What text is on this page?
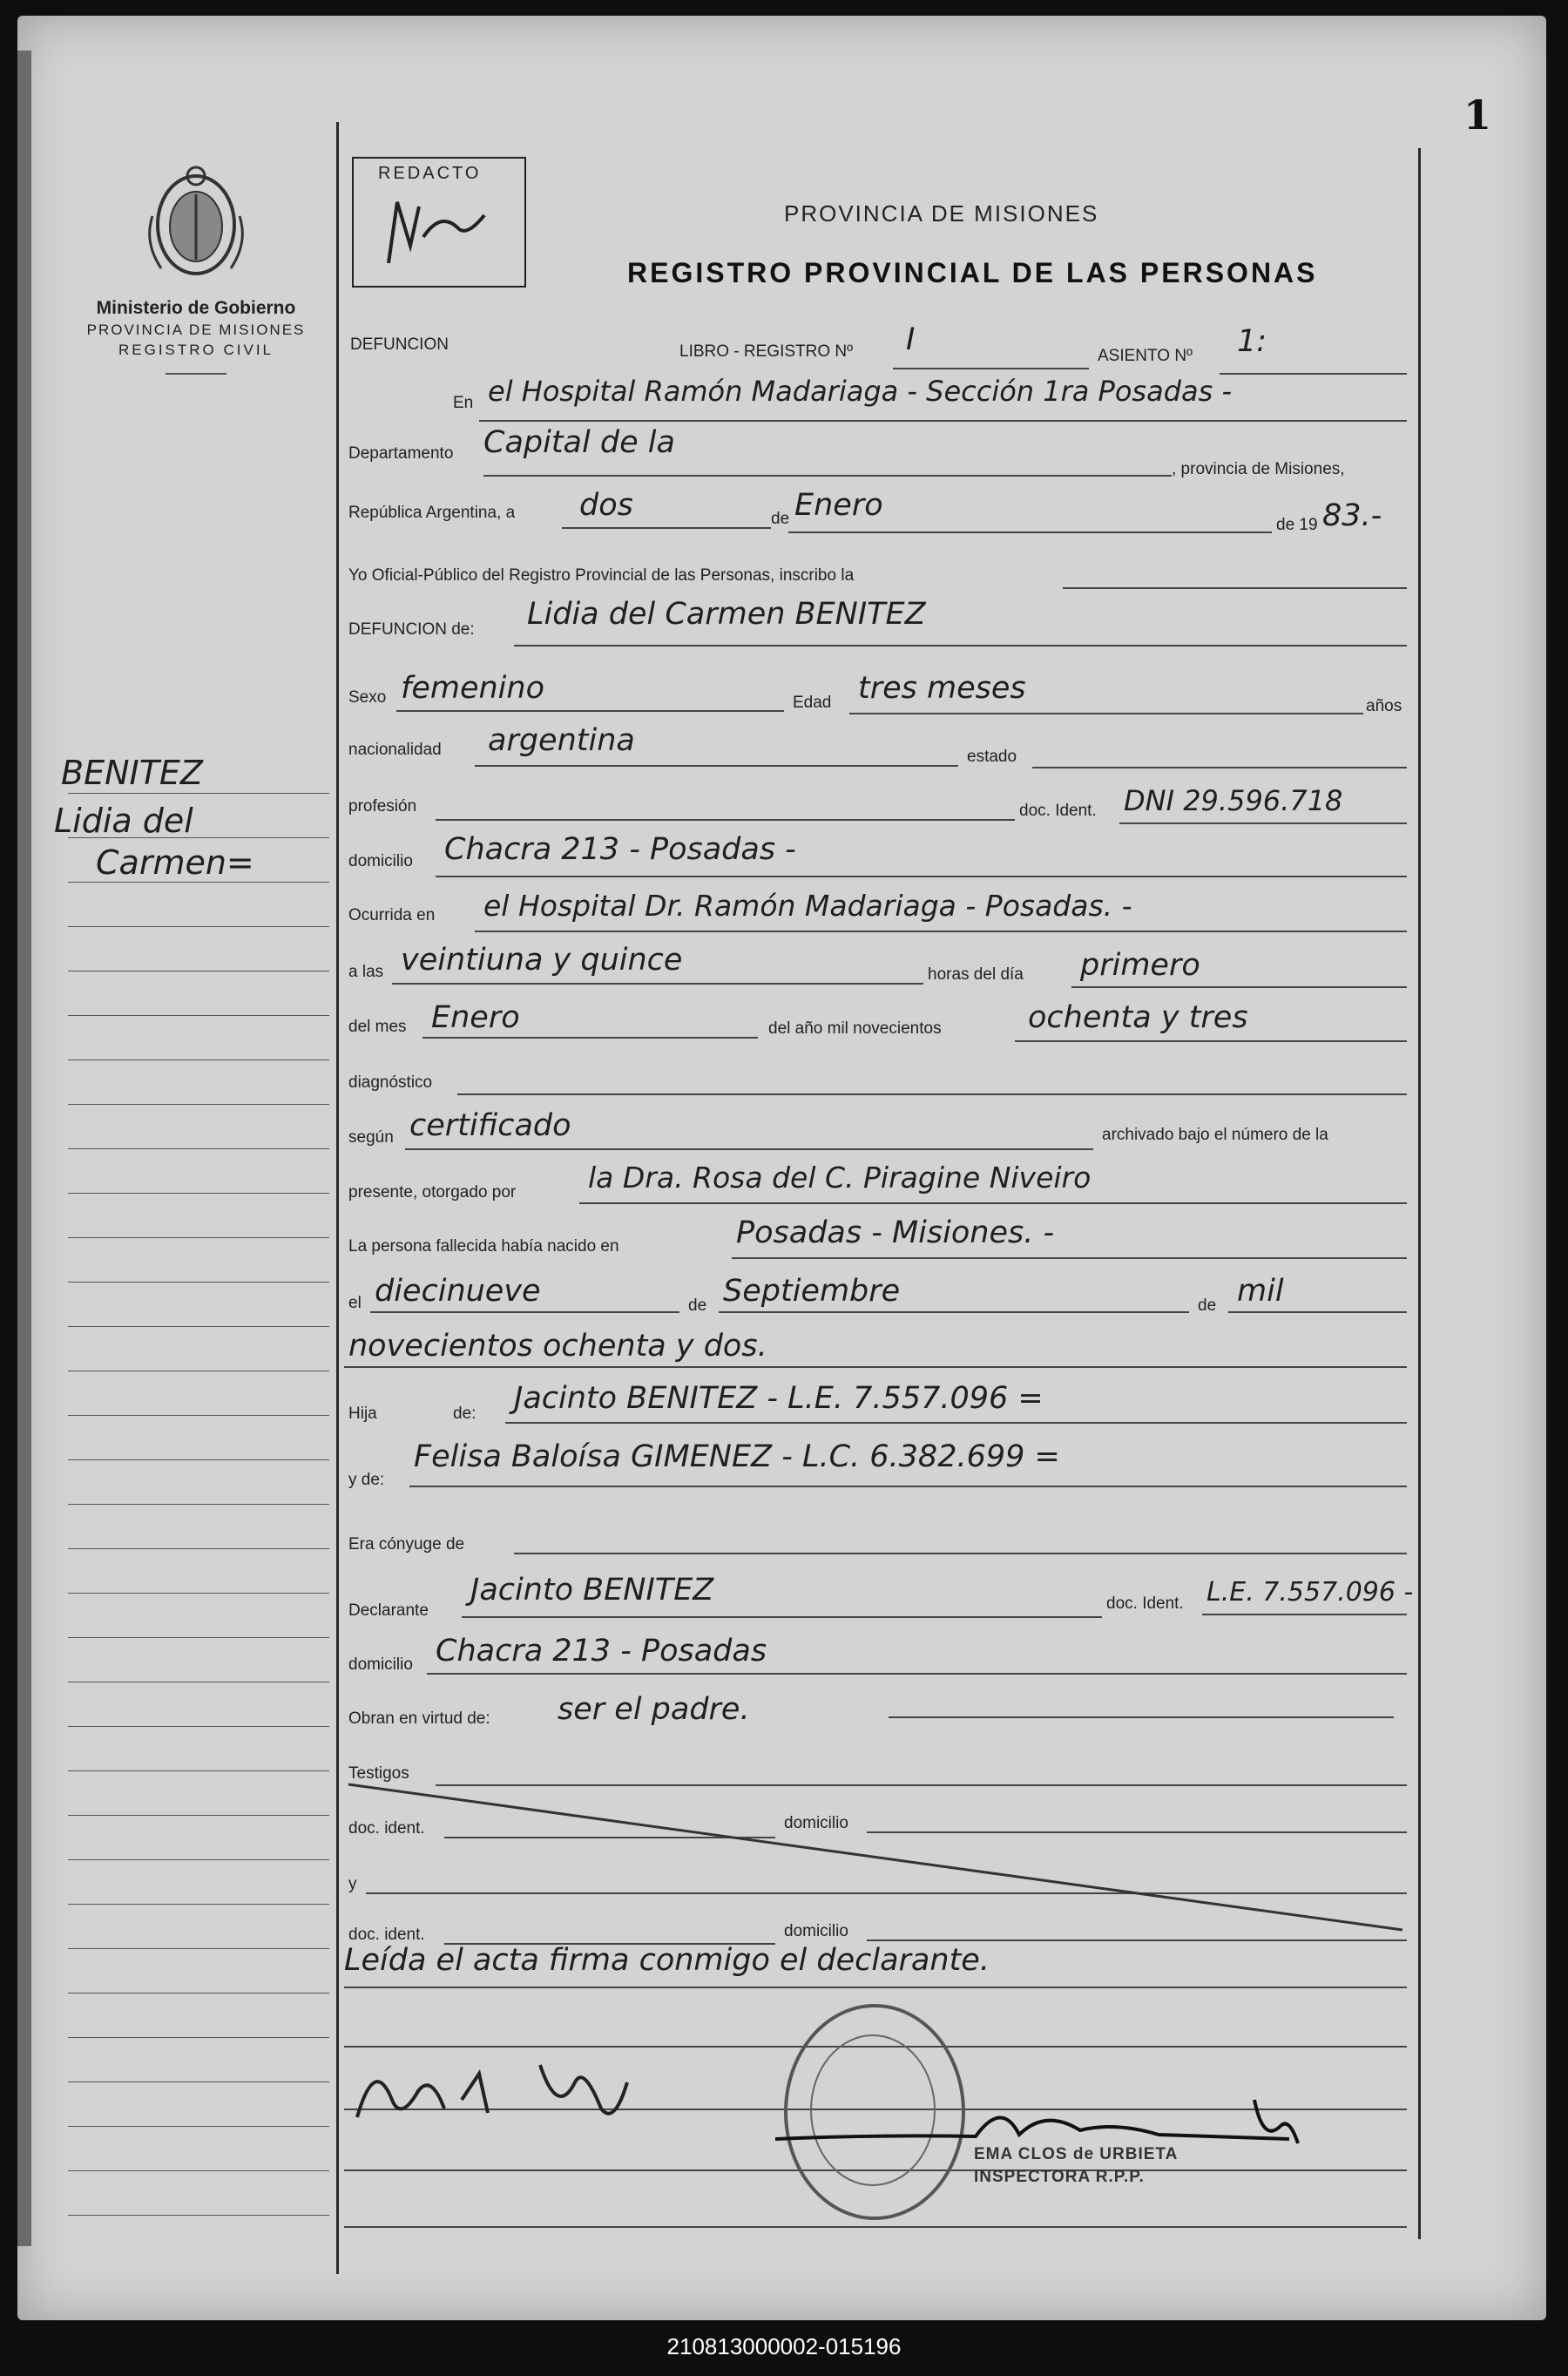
1
Ministerio de Gobierno
PROVINCIA DE MISIONES
REGISTRO CIVIL
BENITEZ
Lidia del
Carmen=
REDACTO
PROVINCIA DE MISIONES
REGISTRO PROVINCIAL DE LAS PERSONAS
DEFUNCION	LIBRO - REGISTRO Nº I	ASIENTO Nº 1:
En el Hospital Ramón Madariaga - Sección 1ra Posadas -
Departamento Capital de la
, provincia de Misiones,
República Argentina, a dos	de Enero
de 19 83.-
Yo Oficial-Público del Registro Provincial de las Personas, inscribo la
DEFUNCION de: Lidia del Carmen BENITEZ
Sexo femenino	Edad tres meses
años
nacionalidad argentina	estado
profesión	doc. Ident. DNI 29.596.718
domicilio Chacra 213 - Posadas -
Ocurrida en el Hospital Dr. Ramón Madariaga - Posadas. -
a las veintiuna y quince	horas del día primero
del mes Enero	del año mil novecientos	ochenta y tres
diagnóstico
según certificado	archivado bajo el número de la
presente, otorgado por	la Dra. Rosa del C. Piragine Niveiro
La persona fallecida había nacido en	Posadas - Misiones. -
el diecinueve	de Septiembre	de mil
novecientos ochenta y dos.
Hija	de: Jacinto BENITEZ - L.E. 7.557.096 =
y de:
Felisa Baloísa GIMENEZ - L.C. 6.382.699 =
Era cónyuge de
Declarante
Jacinto BENITEZ	doc. Ident. L.E. 7.557.096 -
domicilio Chacra 213 - Posadas
Obran en virtud de: ser el padre.
Testigos
doc. ident.	domicilio
y
doc. ident.	domicilio
Leída el acta firma conmigo el declarante.
EMA CLOS de URBIETA
INSPECTORA R.P.P.
210813000002-015196
